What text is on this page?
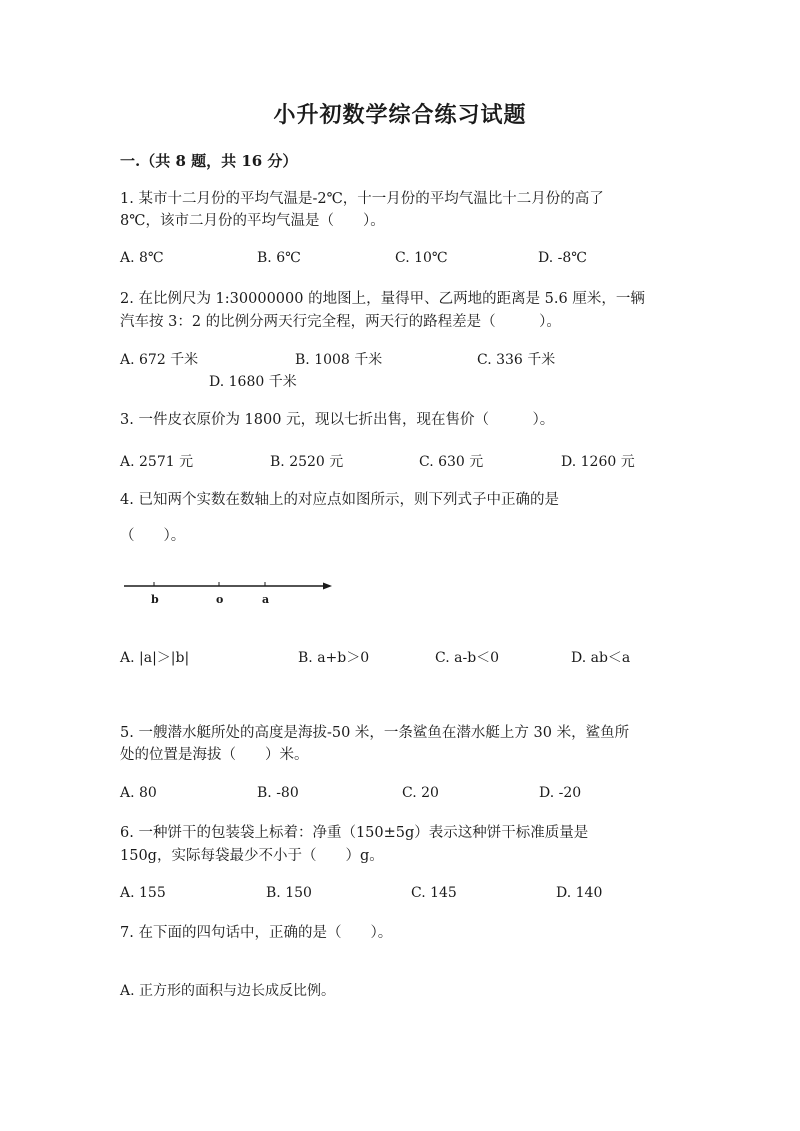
小升初数学综合练习试题
一.（共 8 题，共 16 分）
1. 某市十二月份的平均气温是-2℃，十一月份的平均气温比十二月份的高了
8℃，该市二月份的平均气温是（　　）。
A. 8℃	B. 6℃	C. 10℃	D. -8℃
2. 在比例尺为 1:30000000 的地图上，量得甲、乙两地的距离是 5.6 厘米，一辆
汽车按 3：2 的比例分两天行完全程，两天行的路程差是（　　　）。
A. 672 千米	B. 1008 千米	C. 336 千米
D. 1680 千米
3. 一件皮衣原价为 1800 元，现以七折出售，现在售价（　　　）。
A. 2571 元	B. 2520 元	C. 630 元	D. 1260 元
4. 已知两个实数在数轴上的对应点如图所示，则下列式子中正确的是
（　　）。
b	o	a
A. |a|＞|b|	B. a+b＞0	C. a-b＜0	D. ab＜a
5. 一艘潜水艇所处的高度是海拔-50 米，一条鲨鱼在潜水艇上方 30 米，鲨鱼所
处的位置是海拔（　　）米。
A. 80	B. -80	C. 20	D. -20
6. 一种饼干的包装袋上标着：净重（150±5g）表示这种饼干标准质量是
150g，实际每袋最少不小于（　　）g。
A. 155	B. 150	C. 145	D. 140
7. 在下面的四句话中，正确的是（　　）。
A. 正方形的面积与边长成反比例。
